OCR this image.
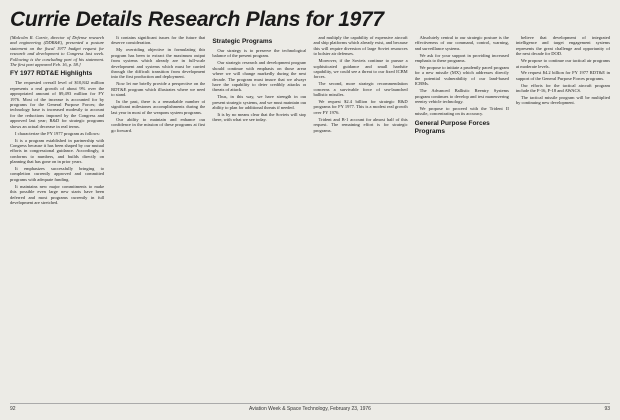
Currie Details Research Plans for 1977

[Malcolm R. Currie, director of Defense research and engineering (DDR&E), presented a posture statement on the fiscal 1977 budget request for research and development to Congress last week. Following is the concluding part of his statement. The first part appeared Feb. 16, p. 58.]

FY 1977 RDT&E Highlights

The requested overall level of $10,842 million represents a real growth of about 9% over the appropriated amount of $9,493 million for FY 1976. Most of the increase is accounted for by programs for the General Purpose Forces; the technology base is increased modestly to account for the reductions imposed by the Congress and approved last year; R&D for strategic programs shows an actual decrease in real terms.

I characterize the FY 1977 program as follows:

It is a program established in partnership with Congress because it has been shaped by our mutual efforts in congressional guidance. Accordingly, it conforms to numbers, and builds directly on planning that has gone on in prior years.

It emphasizes successfully bringing to completion currently approved and committed programs with adequate funding.

It maintains new major commitments to make this possible even large new starts have been deferred and most programs currently in full development are stretched.

It contains significant issues for the future that deserve consideration.

My overriding objective in formulating this program has been to extract the maximum output from systems which already are in full-scale development and systems which must be carried through the difficult transition from development into the first production and deployment.

Now let me briefly provide a perspective on the RDT&E program which illustrates where we need to stand.

In the past, there is a remarkable number of significant milestones accomplishments during the last year in most of the weapons system programs.

Our ability to maintain and enhance our confidence in the mission of these programs at first go forward.

Strategic Programs

Our strategy is to preserve the technological balance of the present program.

Our strategic research and development program should continue with emphasis on those areas where we will change markedly during the next decade. The program must insure that we always have the capability to deter credibly attacks or threats of attack.

Thus, in this way, we have strength in our present strategic systems, and we must maintain our ability to plan for additional threats if needed.

It is by no means clear that the Soviets will stop there, with what we see today.

and multiply the capability of expensive aircraft and ship platforms which already exist, and because this will require diversion of large Soviet resources to bolster air defenses.

Moreover, if the Soviets continue to pursue a sophisticated guidance and small hardsite capability, we could see a threat to our fixed ICBM forces.

The second, more strategic recommendation concerns a survivable force of sea-launched ballistic missiles.

We request $2.4 billion for strategic R&D programs for FY 1977. This is a modest real growth over FY 1976.

Trident and B-1 account for almost half of this request. The remaining effort is for strategic programs.

Absolutely central to our strategic posture is the effectiveness of our command, control, warning, and surveillance systems.

We ask for your support in providing increased emphasis to these programs.

We propose to initiate a prudently paced program for a new missile (MX) which addresses directly the potential vulnerability of our land-based ICBMs.

The Advanced Ballistic Reentry Systems program continues to develop and test maneuvering reentry vehicle technology.

We propose to proceed with the Trident II missile, concentrating on its accuracy.

General Purpose Forces Programs

believe that development of integrated intelligence and target engagement systems represents the great challenge and opportunity of the next decade for DOD.

We propose to continue our tactical air programs at moderate levels.

We request $4.2 billion for FY 1977 RDT&E in support of the General Purpose Forces programs.

Our efforts for the tactical aircraft program include the F-16, F-18 and AWACS.

The tactical missile program will be multiplied by continuing new development.

92	Aviation Week & Space Technology, February 23, 1976	93
